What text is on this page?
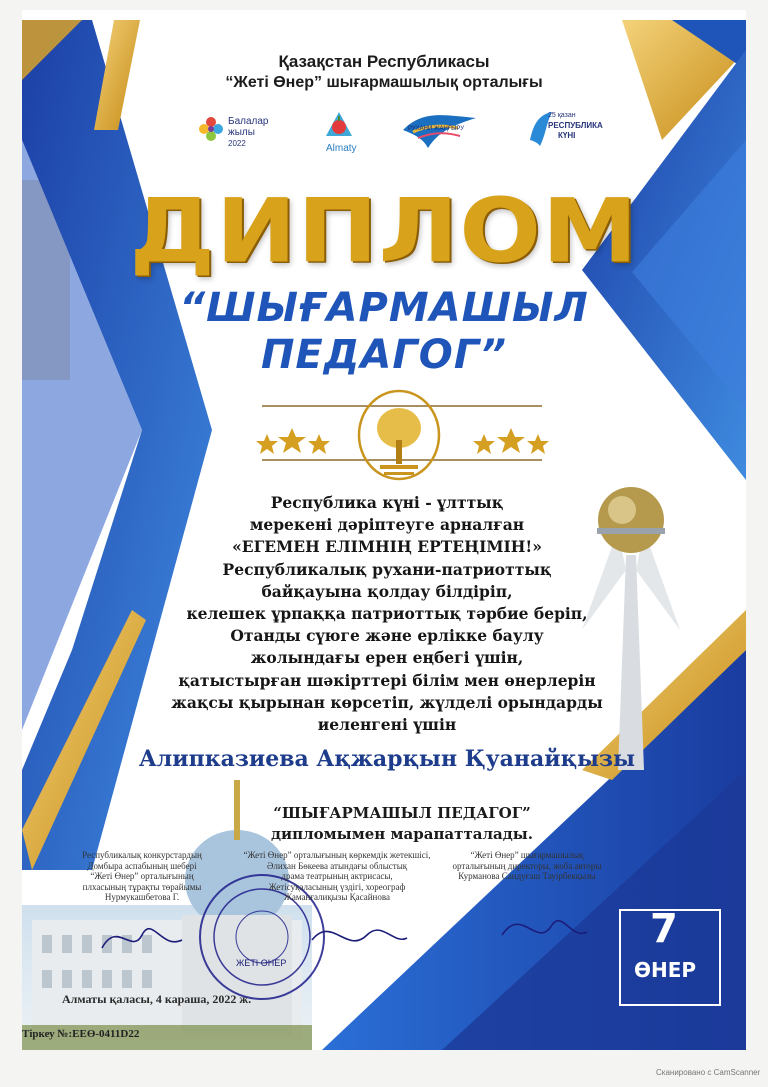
Қазақстан Республикасы
“Жеті Өнер” шығармашылық орталығы
Балалар
жылы
2022	Almaty
РУХАНИ ЖАҢҒЫРУ
25 қазан
РЕСПУБЛИКА
КҮНІ
ДИПЛОМ
“ШЫҒАРМАШЫЛ
ПЕДАГОГ”
Республика күні - ұлттық
мерекені дәріптеуге арналған
«ЕГЕМЕН ЕЛІМНІҢ ЕРТЕҢІМІН!»
Республикалық рухани-патриоттық
байқауына қолдау білдіріп,
келешек ұрпаққа патриоттық тәрбие беріп,
Отанды сүюге және ерлікке баулу
жолындағы ерен еңбегі үшін,
қатыстырған шәкірттері білім мен өнерлерін
жақсы қырынан көрсетіп, жүлделі орындарды
иеленгені үшін
Алипказиева Ақжарқын Қуанайқызы
“ШЫҒАРМАШЫЛ ПЕДАГОГ”
дипломымен марапатталады.
Республикалық конкурстардың
Домбыра аспабының шеберi
“Жеті Өнер” орталығының
плхасының тұрақты төрайымы
Нурмукашбетова Г.
“Жеті Өнер” орталығының көркемдік жетекшісі,
Әлихан Бөкеева атындағы облыстық
драма театрының актрисасы,
Жетісуқалаcының үздігі, хореограф
Жаманғалиқызы Қасайнова
“Жеті Өнер” шығармашылық
орталығының директоры, жоба авторы
Курманова Сандуғаш Тауірбекқызы
ЖЕТІ ӨНЕР
7
ӨНЕР
Алматы қаласы, 4 караша, 2022 ж.
Тіркеу №:ЕЕӨ-0411D22
Сканировано с CamScanner
